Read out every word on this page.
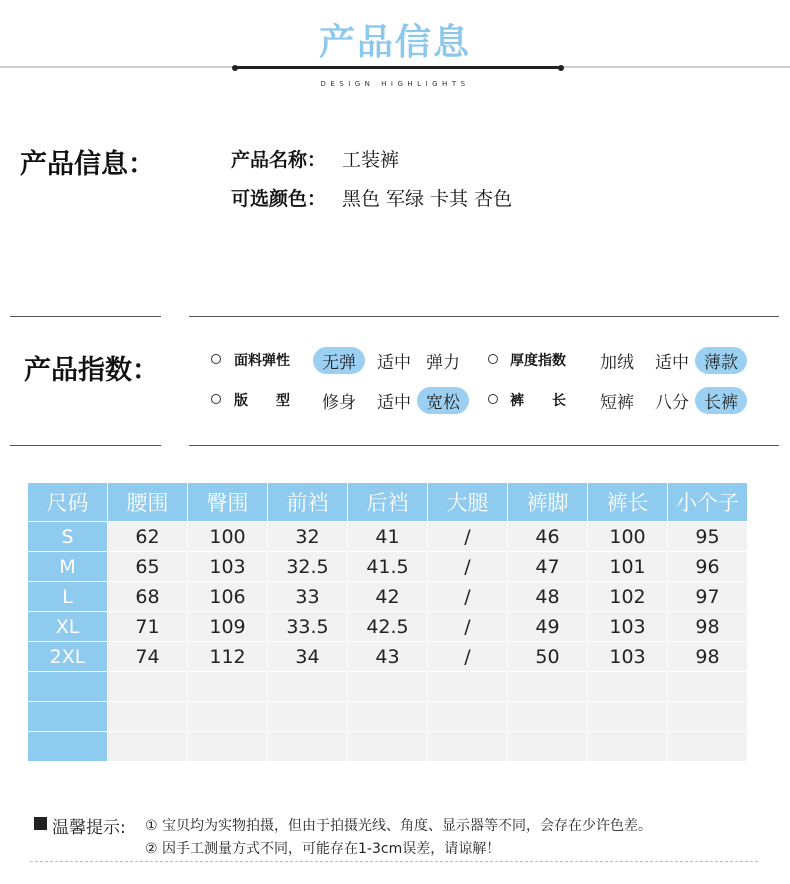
产品信息
DESIGN HIGHLIGHTS
产品信息：	产品名称： 工装裤
可选颜色： 黑色 军绿 卡其 杏色
产品指数：	面料弹性	无弹	适中 弹力	厚度指数 加绒 适中 薄款
版　　型 修身 适中 宽松	裤　　长 短裤 八分 长裤
尺码	腰围	臀围	前裆	后裆	大腿	裤脚	裤长	小个子
S	62	100	32	41	/	46	100	95
M	65	103	32.5	41.5	/	47	101	96
L	68	106	33	42	/	48	102	97
XL	71	109	33.5	42.5	/	49	103	98
2XL	74	112	34	43	/	50	103	98

温馨提示: ① 宝贝均为实物拍摄，但由于拍摄光线、角度、显示器等不同，会存在少许色差。
② 因手工测量方式不同，可能存在1-3cm误差，请谅解！
